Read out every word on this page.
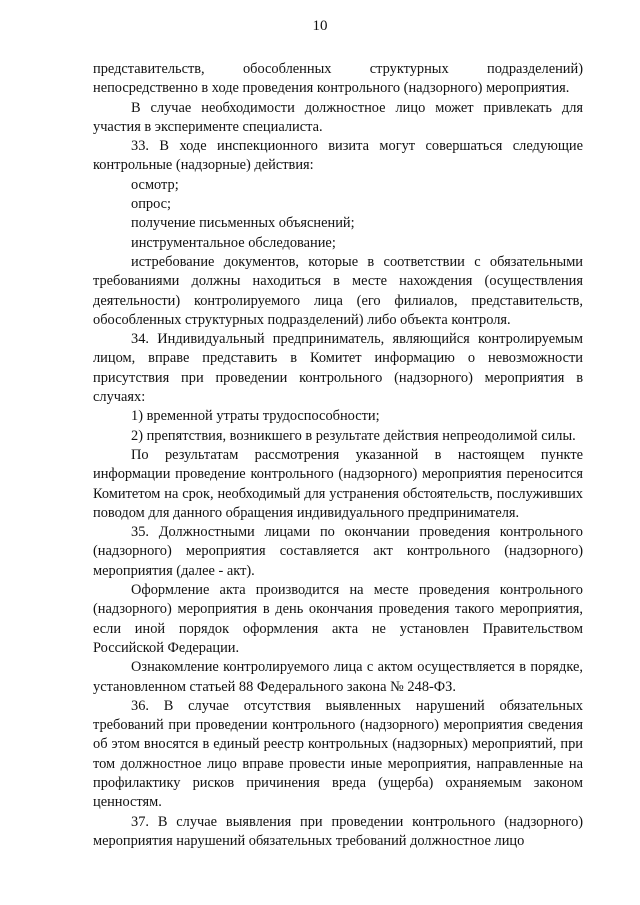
10

представительств, обособленных структурных подразделений) непосредственно в ходе проведения контрольного (надзорного) мероприятия.

В случае необходимости должностное лицо может привлекать для участия в эксперименте специалиста.

33. В ходе инспекционного визита могут совершаться следующие контрольные (надзорные) действия:

осмотр;

опрос;

получение письменных объяснений;

инструментальное обследование;

истребование документов, которые в соответствии с обязательными требованиями должны находиться в месте нахождения (осуществления деятельности) контролируемого лица (его филиалов, представительств, обособленных структурных подразделений) либо объекта контроля.

34. Индивидуальный предприниматель, являющийся контролируемым лицом, вправе представить в Комитет информацию о невозможности присутствия при проведении контрольного (надзорного) мероприятия в случаях:

1) временной утраты трудоспособности;

2) препятствия, возникшего в результате действия непреодолимой силы.

По результатам рассмотрения указанной в настоящем пункте информации проведение контрольного (надзорного) мероприятия переносится Комитетом на срок, необходимый для устранения обстоятельств, послуживших поводом для данного обращения индивидуального предпринимателя.

35. Должностными лицами по окончании проведения контрольного (надзорного) мероприятия составляется акт контрольного (надзорного) мероприятия (далее - акт).

Оформление акта производится на месте проведения контрольного (надзорного) мероприятия в день окончания проведения такого мероприятия, если иной порядок оформления акта не установлен Правительством Российской Федерации.

Ознакомление контролируемого лица с актом осуществляется в порядке, установленном статьей 88 Федерального закона № 248-ФЗ.

36. В случае отсутствия выявленных нарушений обязательных требований при проведении контрольного (надзорного) мероприятия сведения об этом вносятся в единый реестр контрольных (надзорных) мероприятий, при том должностное лицо вправе провести иные мероприятия, направленные на профилактику рисков причинения вреда (ущерба) охраняемым законом ценностям.

37. В случае выявления при проведении контрольного (надзорного) мероприятия нарушений обязательных требований должностное лицо
